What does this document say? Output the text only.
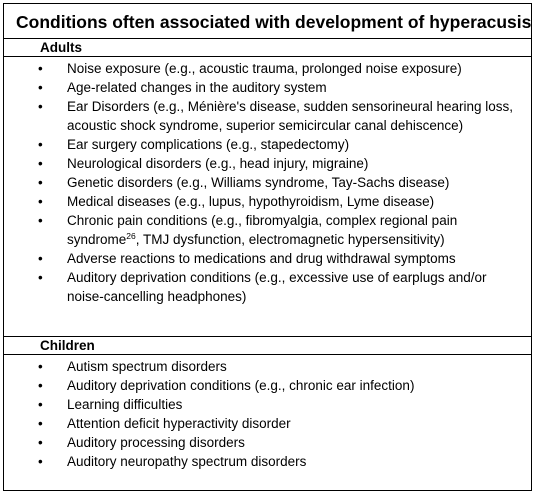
Conditions often associated with development of hyperacusis
Adults
• Noise exposure (e.g., acoustic trauma, prolonged noise exposure)
• Age-related changes in the auditory system
• Ear Disorders (e.g., Ménière's disease, sudden sensorineural hearing loss, acoustic shock syndrome, superior semicircular canal dehiscence)
• Ear surgery complications (e.g., stapedectomy)
• Neurological disorders (e.g., head injury, migraine)
• Genetic disorders (e.g., Williams syndrome, Tay-Sachs disease)
• Medical diseases (e.g., lupus, hypothyroidism, Lyme disease)
• Chronic pain conditions (e.g., fibromyalgia, complex regional pain syndrome$^{26}$, TMJ dysfunction, electromagnetic hypersensitivity)
• Adverse reactions to medications and drug withdrawal symptoms
• Auditory deprivation conditions (e.g., excessive use of earplugs and/or noise-cancelling headphones)
Children
• Autism spectrum disorders
• Auditory deprivation conditions (e.g., chronic ear infection)
• Learning difficulties
• Attention deficit hyperactivity disorder
• Auditory processing disorders
• Auditory neuropathy spectrum disorders
